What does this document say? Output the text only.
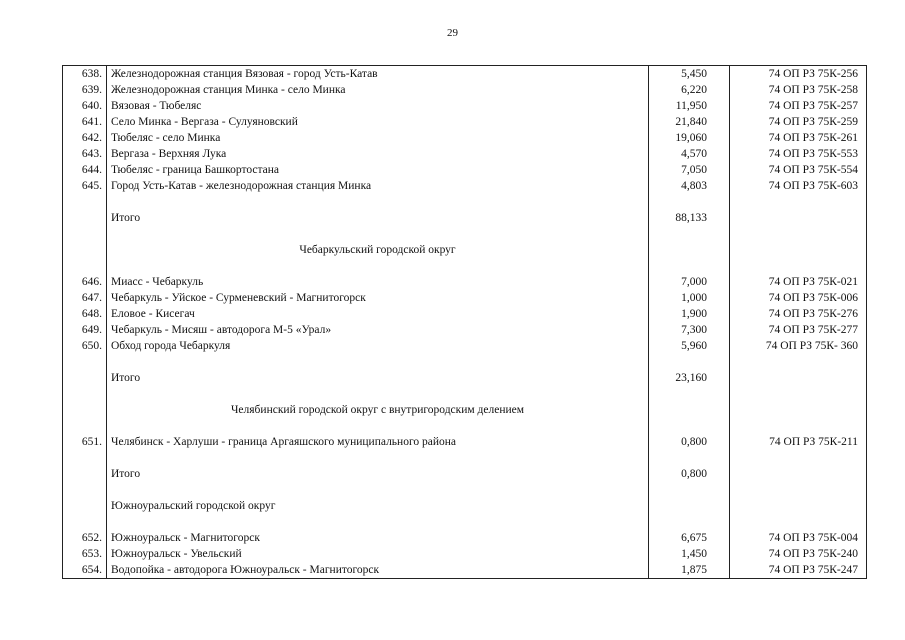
29
638.	Железнодорожная станция Вязовая - город Усть-Катав	5,450	74 ОП РЗ 75К-256
639.	Железнодорожная станция Минка - село Минка	6,220	74 ОП РЗ 75К-258
640.	Вязовая - Тюбеляс	11,950	74 ОП РЗ 75К-257
641.	Село Минка - Вергаза - Сулуяновский	21,840	74 ОП РЗ 75К-259
642.	Тюбеляс - село Минка	19,060	74 ОП РЗ 75К-261
643.	Вергаза - Верхняя Лука	4,570	74 ОП РЗ 75К-553
644.	Тюбеляс - граница Башкортостана	7,050	74 ОП РЗ 75К-554
645.	Город Усть-Катав - железнодорожная станция Минка	4,803	74 ОП РЗ 75К-603

	Итого	88,133	

	Чебаркульский городской округ		

646.	Миасс - Чебаркуль	7,000	74 ОП РЗ 75К-021
647.	Чебаркуль - Уйское - Сурменевский - Магнитогорск	1,000	74 ОП РЗ 75К-006
648.	Еловое - Кисегач	1,900	74 ОП РЗ 75К-276
649.	Чебаркуль - Мисяш - автодорога М-5 «Урал»	7,300	74 ОП РЗ 75К-277
650.	Обход города Чебаркуля	5,960	74 ОП РЗ 75К- 360

	Итого	23,160	

	Челябинский городской округ с внутригородским делением		

651.	Челябинск - Харлуши - граница Аргаяшского муниципального района	0,800	74 ОП РЗ 75К-211

	Итого	0,800	

	Южноуральский городской округ		

652.	Южноуральск - Магнитогорск	6,675	74 ОП РЗ 75К-004
653.	Южноуральск - Увельский	1,450	74 ОП РЗ 75К-240
654.	Водопойка - автодорога Южноуральск - Магнитогорск	1,875	74 ОП РЗ 75К-247
